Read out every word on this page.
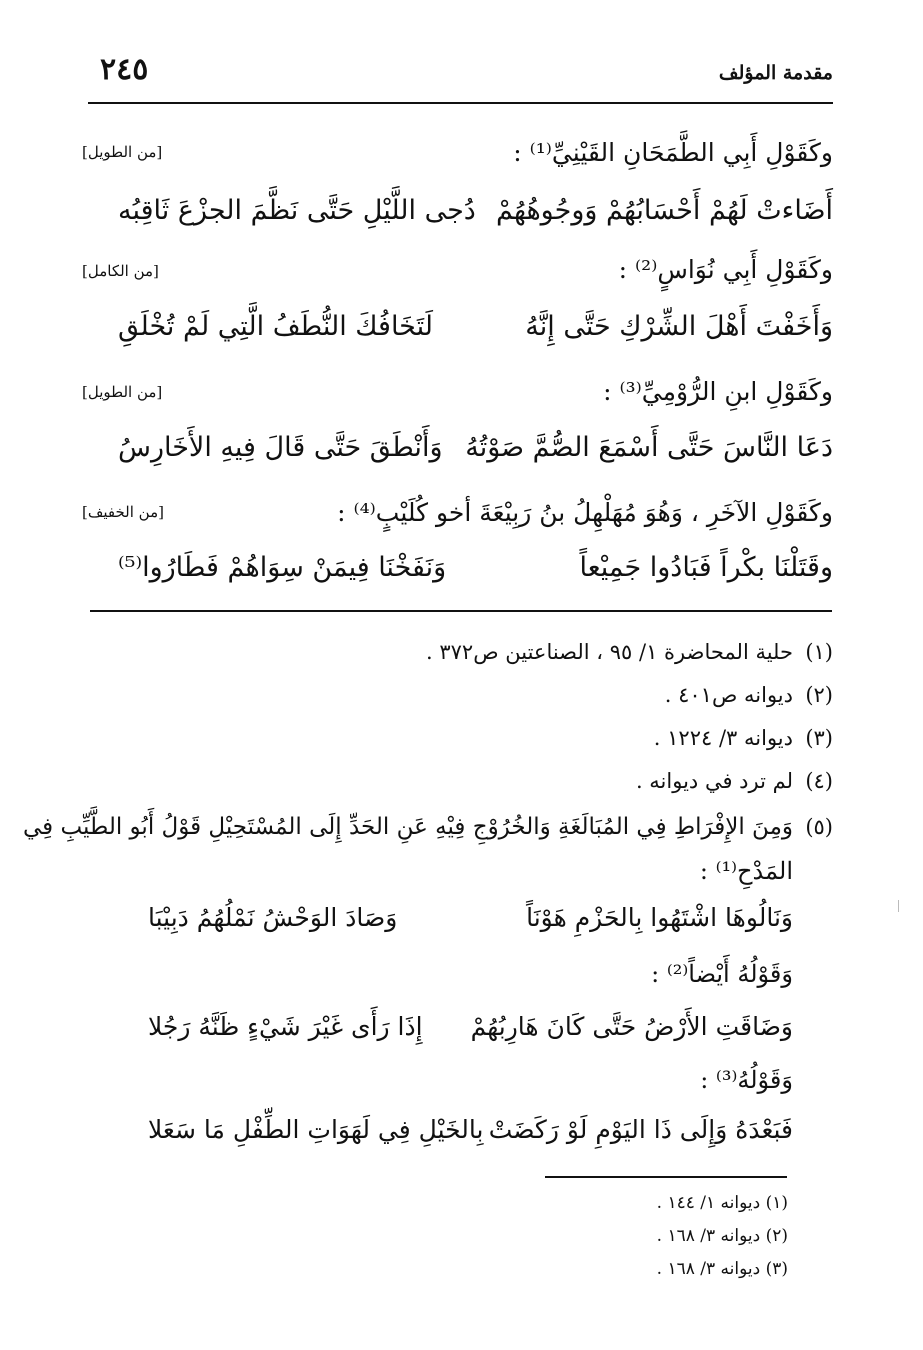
مقدمة المؤلف
٢٤٥
وكَقَوْلِ أَبِي الطَّمَحَانِ القَيْنِيِّ⁽¹⁾ :
[من الطويل]
أَضَاءتْ لَهُمْ أَحْسَابُهُمْ وَوجُوهُهُمْ
دُجى اللَّيْلِ حَتَّى نَظَّمَ الجزْعَ ثَاقِبُه
وكَقَوْلِ أَبِي نُوَاسٍ⁽²⁾ :
[من الكامل]
وَأَخَفْتَ أَهْلَ الشِّرْكِ حَتَّى إِنَّهُ
لَتَخَافُكَ النُّطَفُ الَّتِي لَمْ تُخْلَقِ
وكَقَوْلِ ابنِ الرُّوْمِيِّ⁽³⁾ :
[من الطويل]
دَعَا النَّاسَ حَتَّى أَسْمَعَ الصُّمَّ صَوْتُهُ
وَأَنْطَقَ حَتَّى قَالَ فِيهِ الأَخَارِسُ
وكَقَوْلِ الآخَرِ ، وَهُوَ مُهَلْهِلُ بنُ رَبِيْعَةَ أخو كُلَيْبٍ⁽⁴⁾ :
[من الخفيف]
وقَتَلْنَا بكْراً فَبَادُوا جَمِيْعاً
وَنَفَخْنَا فِيمَنْ سِوَاهُمْ فَطَارُوا⁽⁵⁾
(١)حلية المحاضرة ١/ ٩٥ ، الصناعتين ص٣٧٢ .
(٢)ديوانه ص٤٠١ .
(٣)ديوانه ٣/ ١٢٢٤ .
(٤)لم ترد في ديوانه .
(٥)وَمِنَ الإِفْرَاطِ فِي المُبَالَغَةِ وَالخُرُوْجِ فِيْهِ عَنِ الحَدِّ إِلَى المُسْتَحِيْلِ قَوْلُ أَبُو الطَّيِّبِ فِي
المَدْحِ⁽¹⁾ :
وَنَالُوهَا اشْتَهُوا بِالحَزْمِ هَوْنَاً
وَصَادَ الوَحْشُ نَمْلُهُمُ دَبِيْبَا
وَقَوْلُهُ أَيْضاً⁽²⁾ :
وَضَاقَتِ الأَرْضُ حَتَّى كَانَ هَارِبُهُمْ
إِذَا رَأَى غَيْرَ شَيْءٍ ظَنَّهُ رَجُلا
وَقَوْلُهُ⁽³⁾ :
فَبَعْدَهُ وَإِلَى ذَا اليَوْمِ لَوْ رَكَضَتْ
بِالخَيْلِ فِي لَهَوَاتِ الطِّفْلِ مَا سَعَلا
(١) ديوانه ١/ ١٤٤ .
(٢) ديوانه ٣/ ١٦٨ .
(٣) ديوانه ٣/ ١٦٨ .
